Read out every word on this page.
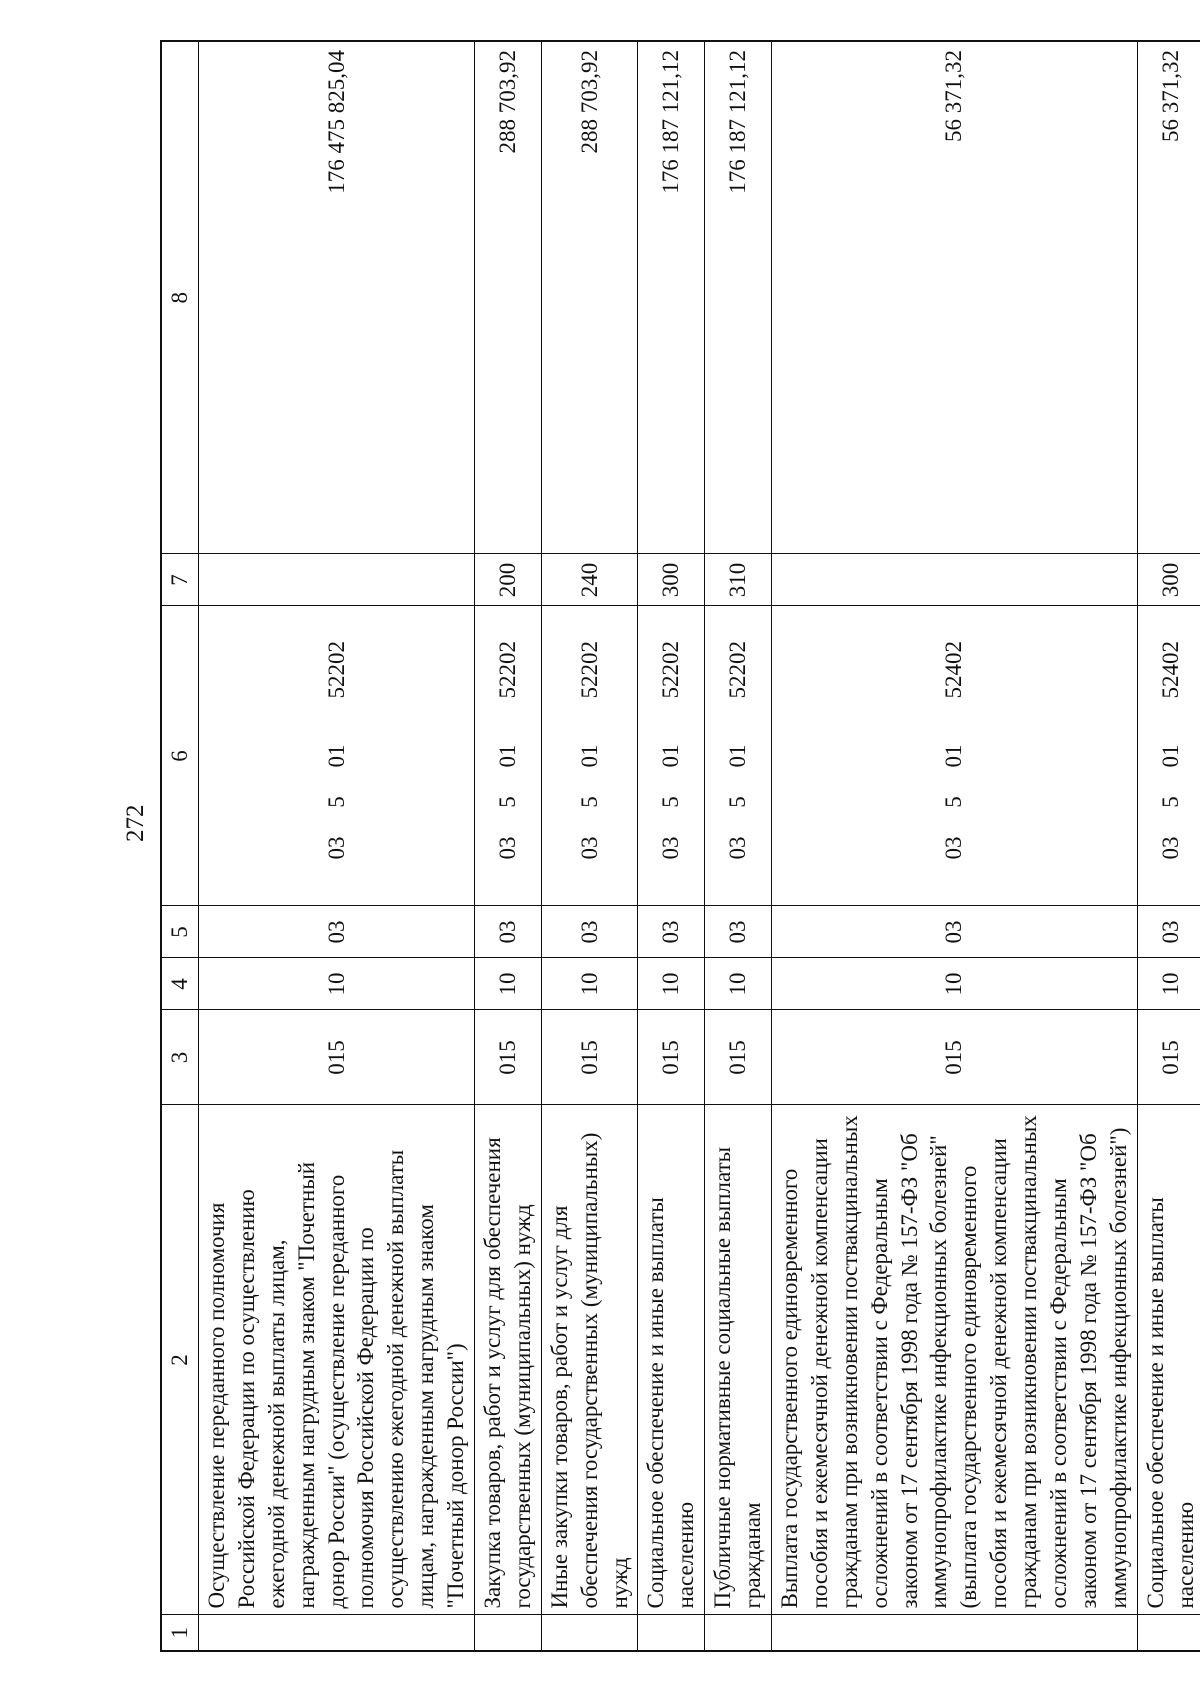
272
1	2	3	4	5	6	7	8
	Осуществление переданного полномочия Российской Федерации по осуществлению ежегодной денежной выплаты лицам, награжденным нагрудным знаком "Почетный донор России" (осуществление переданного полномочия Российской Федерации по осуществлению ежегодной денежной выплаты лицам, награжденным нагрудным знаком "Почетный донор России")	015	10	03	0350152202		176 475 825,04
	Закупка товаров, работ и услуг для обеспечения государственных (муниципальных) нужд	015	10	03	0350152202	200	288 703,92
	Иные закупки товаров, работ и услуг для обеспечения государственных (муниципальных) нужд	015	10	03	0350152202	240	288 703,92
	Социальное обеспечение и иные выплаты населению	015	10	03	0350152202	300	176 187 121,12
	Публичные нормативные социальные выплаты гражданам	015	10	03	0350152202	310	176 187 121,12
	Выплата государственного единовременного пособия и ежемесячной денежной компенсации гражданам при возникновении поствакцинальных осложнений в соответствии с Федеральным законом от 17 сентября 1998 года № 157-ФЗ "Об иммунопрофилактике инфекционных болезней" (выплата государственного единовременного пособия и ежемесячной денежной компенсации гражданам при возникновении поствакцинальных осложнений в соответствии с Федеральным законом от 17 сентября 1998 года № 157-ФЗ "Об иммунопрофилактике инфекционных болезней")	015	10	03	0350152402		56 371,32
	Социальное обеспечение и иные выплаты населению	015	10	03	0350152402	300	56 371,32
